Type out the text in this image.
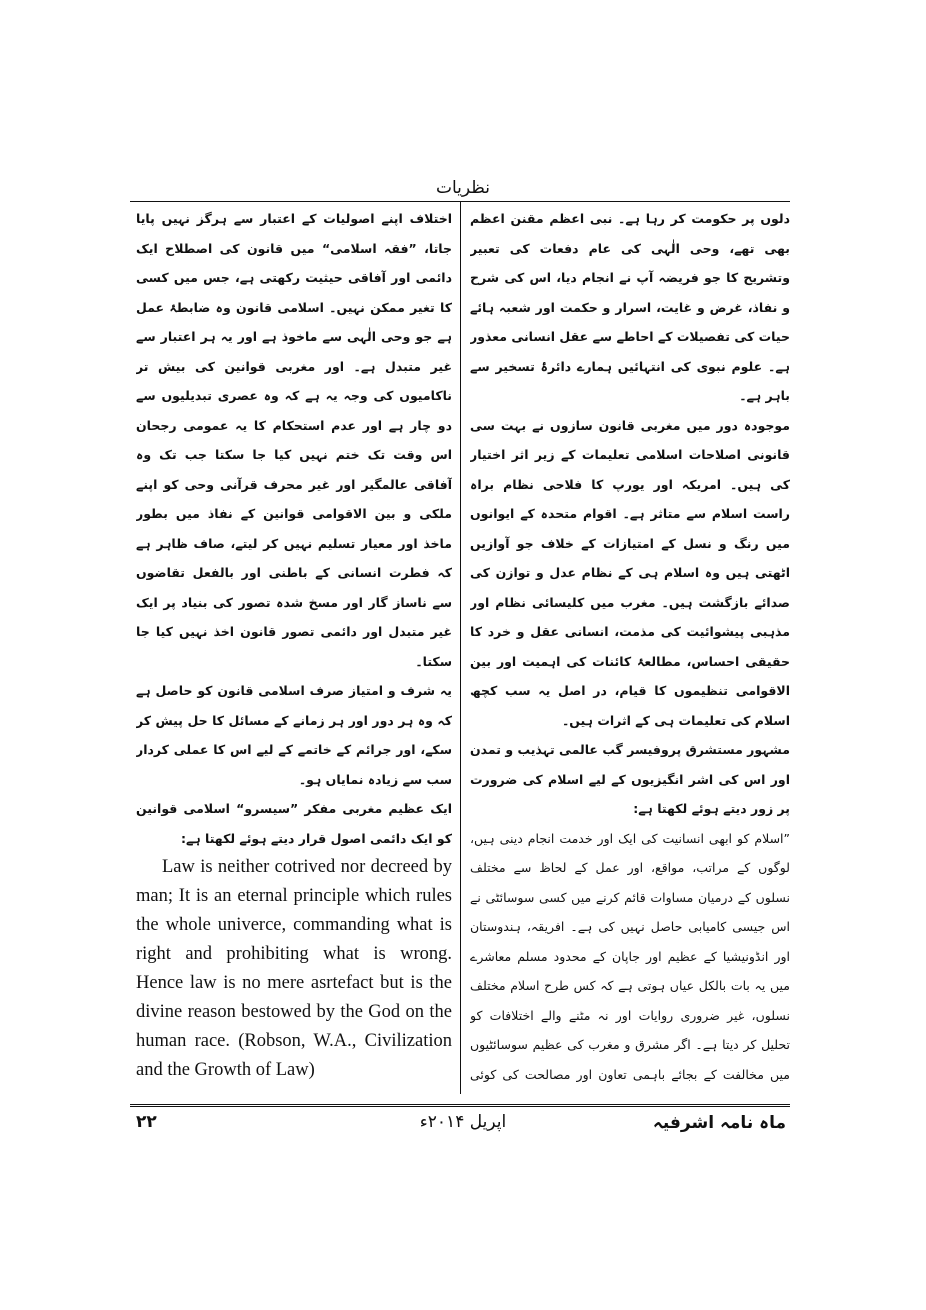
نظریات

دلوں پر حکومت کر رہا ہے۔ نبی اعظم مقنن اعظم بھی تھے، وحی الٰہی کی عام دفعات کی تعبیر وتشریح کا جو فریضہ آپ نے انجام دیا، اس کی شرح و نفاذ، غرض و غایت، اسرار و حکمت اور شعبہ ہائے حیات کی تفصیلات کے احاطے سے عقل انسانی معذور ہے۔ علوم نبوی کی انتہائیں ہمارے دائرۂ تسخیر سے باہر ہے۔

موجودہ دور میں مغربی قانون سازوں نے بہت سی قانونی اصلاحات اسلامی تعلیمات کے زیر اثر اختیار کی ہیں۔ امریکہ اور یورپ کا فلاحی نظام براہ راست اسلام سے متاثر ہے۔ اقوام متحدہ کے ایوانوں میں رنگ و نسل کے امتیازات کے خلاف جو آوازیں اٹھتی ہیں وہ اسلام ہی کے نظام عدل و توازن کی صدائے بازگشت ہیں۔ مغرب میں کلیسائی نظام اور مذہبی پیشوائیت کی مذمت، انسانی عقل و خرد کا حقیقی احساس، مطالعۂ کائنات کی اہمیت اور بین الاقوامی تنظیموں کا قیام، در اصل یہ سب کچھ اسلام کی تعلیمات ہی کے اثرات ہیں۔

مشہور مستشرق پروفیسر گب عالمی تہذیب و تمدن اور اس کی اشر انگیزیوں کے لیے اسلام کی ضرورت پر زور دیتے ہوئے لکھتا ہے:

”اسلام کو ابھی انسانیت کی ایک اور خدمت انجام دینی ہیں، لوگوں کے مراتب، مواقع، اور عمل کے لحاظ سے مختلف نسلوں کے درمیان مساوات قائم کرنے میں کسی سوسائٹی نے اس جیسی کامیابی حاصل نہیں کی ہے۔ افریقہ، ہندوستان اور انڈونیشیا کے عظیم اور جاپان کے محدود مسلم معاشرے میں یہ بات بالکل عیاں ہوتی ہے کہ کس طرح اسلام مختلف نسلوں، غیر ضروری روایات اور نہ مٹنے والے اختلافات کو تحلیل کر دیتا ہے۔ اگر مشرق و مغرب کی عظیم سوسائٹیوں میں مخالفت کے بجائے باہمی تعاون اور مصالحت کی کوئی

اختلاف اپنے اصولیات کے اعتبار سے ہرگز نہیں پایا جاتا، ”فقہ اسلامی“ میں قانون کی اصطلاح ایک دائمی اور آفاقی حیثیت رکھتی ہے، جس میں کسی کا تغیر ممکن نہیں۔ اسلامی قانون وہ ضابطۂ عمل ہے جو وحی الٰہی سے ماخوذ ہے اور یہ ہر اعتبار سے غیر متبدل ہے۔ اور مغربی قوانین کی بیش تر ناکامیوں کی وجہ یہ ہے کہ وہ عصری تبدیلیوں سے دو چار ہے اور عدم استحکام کا یہ عمومی رجحان اس وقت تک ختم نہیں کیا جا سکتا جب تک وہ آفاقی عالمگیر اور غیر محرف قرآنی وحی کو اپنے ملکی و بین الاقوامی قوانین کے نفاذ میں بطور ماخذ اور معیار تسلیم نہیں کر لیتے، صاف ظاہر ہے کہ فطرت انسانی کے باطنی اور بالفعل تقاضوں سے ناساز گار اور مسخ شدہ تصور کی بنیاد پر ایک غیر متبدل اور دائمی تصور قانون اخذ نہیں کیا جا سکتا۔

یہ شرف و امتیاز صرف اسلامی قانون کو حاصل ہے کہ وہ ہر دور اور ہر زمانے کے مسائل کا حل پیش کر سکے، اور جرائم کے خاتمے کے لیے اس کا عملی کردار سب سے زیادہ نمایاں ہو۔

ایک عظیم مغربی مفکر ”سیسرو“ اسلامی قوانین کو ایک دائمی اصول قرار دیتے ہوئے لکھتا ہے:

Law is neither cotrived nor decreed by man; It is an eternal principle which rules the whole univerce, commanding what is right and prohibiting what is wrong. Hence law is no mere asrtefact but is the divine reason bestowed by the God on the human race. (Robson, W.A., Civilization and the Growth of Law)

۲۲	اپریل ۲۰۱۴ء	ماہ نامہ اشرفیہ
